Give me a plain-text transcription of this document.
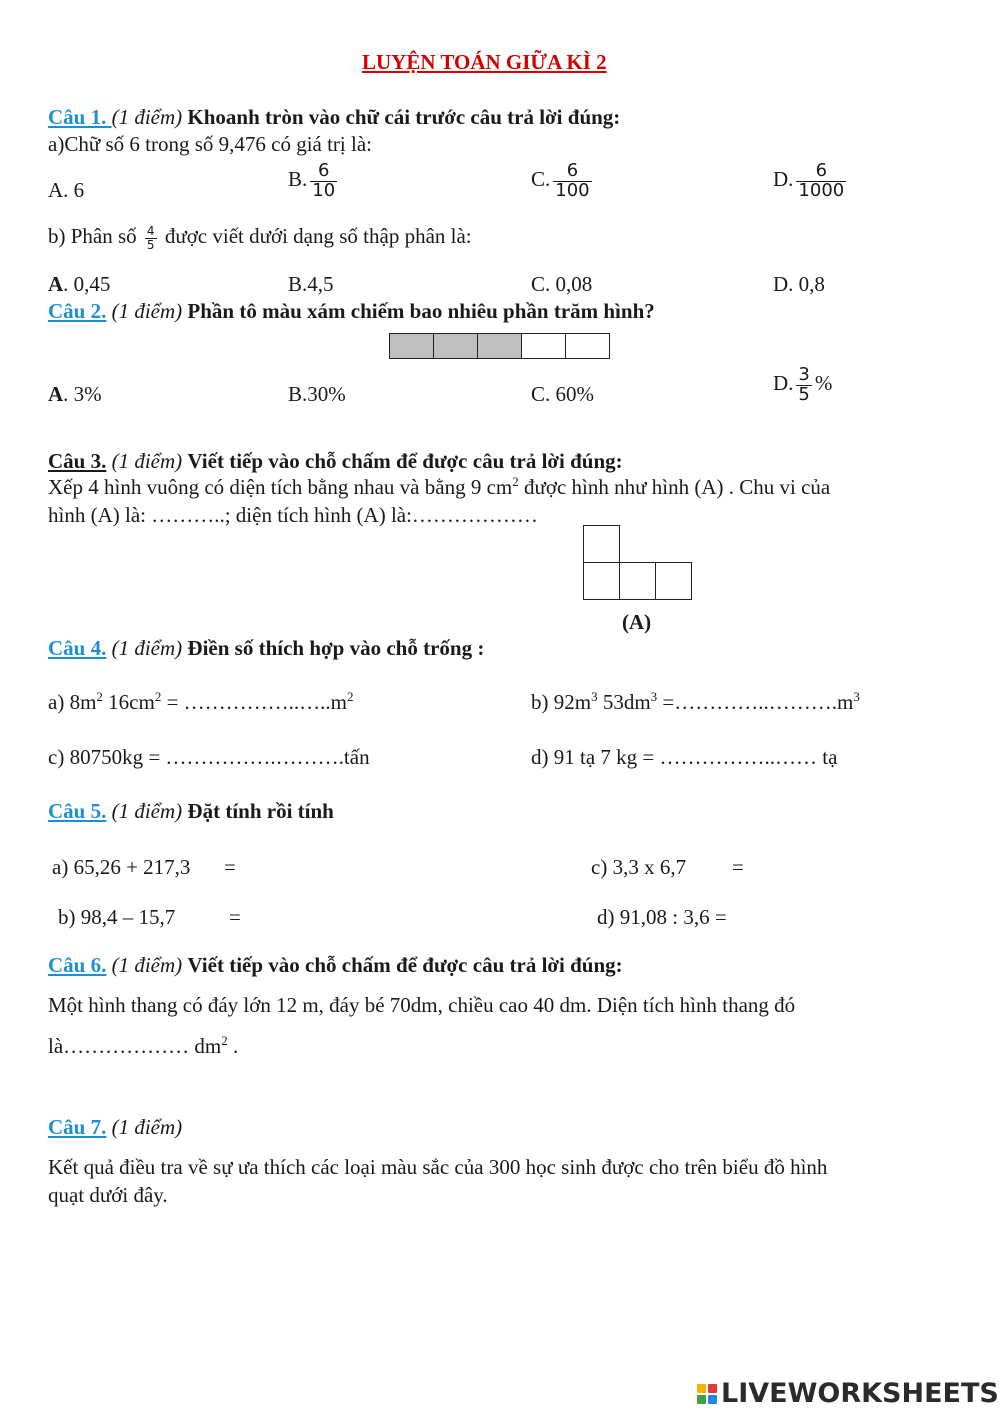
LUYỆN TOÁN GIỮA KÌ 2
Câu 1. (1 điểm) Khoanh tròn vào chữ cái trước câu trả lời đúng:
a)Chữ số 6 trong số 9,476 có giá trị là:
A. 6	B. $\frac{6}{10}$	C. $\frac{6}{100}$	D. $\frac{6}{1000}$
b) Phân số $\frac{4}{5}$ được viết dưới dạng số thập phân là:
A. 0,45	B.4,5	C. 0,08	D. 0,8
Câu 2. (1 điểm) Phần tô màu xám chiếm bao nhiêu phần trăm hình?
A. 3%	B.30%	C. 60%	D. $\frac{3}{5}$ %
Câu 3. (1 điểm) Viết tiếp vào chỗ chấm để được câu trả lời đúng:
Xếp 4 hình vuông có diện tích bằng nhau và bằng 9 $cm^2$ được hình như hình (A) . Chu vi của
hình (A) là: ………..; diện tích hình (A) là:………………
(A)
Câu 4. (1 điểm) Điền số thích hợp vào chỗ trống :
a) $8m^2$ $16cm^2$ = $\dots\dots\dots\dots\dots..\dots..m^2$	b) $92m^3$ $53dm^3$ $=\dots\dots\dots\dots..\dots\dots\dots.m^3$
c) 80750kg = …………….……….tấn	d) 91 tạ 7 kg = ……………..…… tạ
Câu 5. (1 điểm) Đặt tính rồi tính
a) 65,26 + 217,3 =	c) 3,3 x 6,7 =
b) 98,4 – 15,7	=	d) 91,08 : 3,6 =
Câu 6. (1 điểm) Viết tiếp vào chỗ chấm để được câu trả lời đúng:
Một hình thang có đáy lớn 12 m, đáy bé 70dm, chiều cao 40 dm. Diện tích hình thang đó
là……………… $dm^2$ .
Câu 7. (1 điểm)
Kết quả điều tra về sự ưa thích các loại màu sắc của 300 học sinh được cho trên biểu đồ hình
quạt dưới đây.
LIVEWORKSHEETS
